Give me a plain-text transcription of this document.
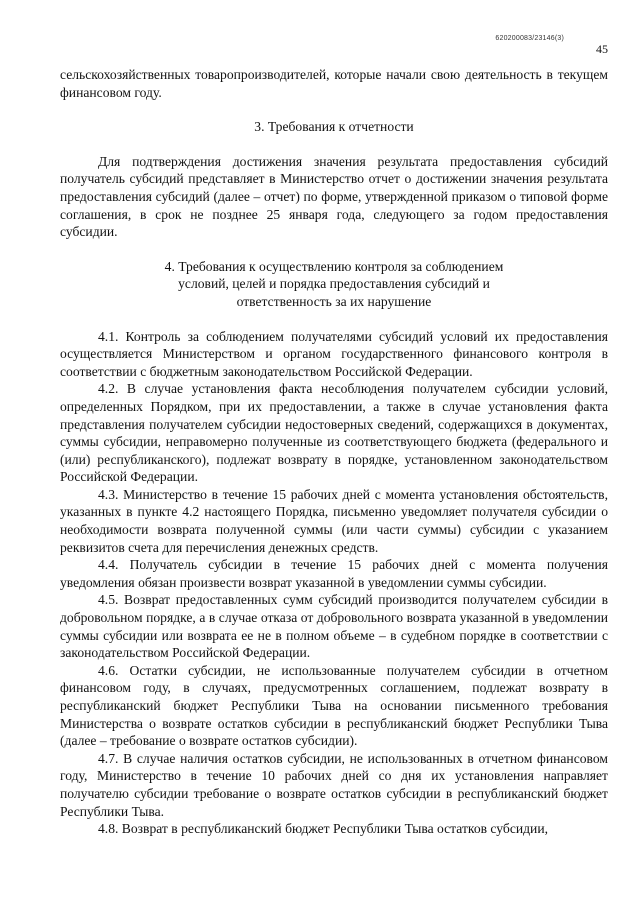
620200083/23146(3)
45

сельскохозяйственных товаропроизводителей, которые начали свою деятельность в текущем финансовом году.

3. Требования к отчетности

Для подтверждения достижения значения результата предоставления субсидий получатель субсидий представляет в Министерство отчет о достижении значения результата предоставления субсидий (далее – отчет) по форме, утвержденной приказом о типовой форме соглашения, в срок не позднее 25 января года, следующего за годом предоставления субсидии.

4. Требования к осуществлению контроля за соблюдением
условий, целей и порядка предоставления субсидий и
ответственность за их нарушение

4.1. Контроль за соблюдением получателями субсидий условий их предоставления осуществляется Министерством и органом государственного финансового контроля в соответствии с бюджетным законодательством Российской Федерации.

4.2. В случае установления факта несоблюдения получателем субсидии условий, определенных Порядком, при их предоставлении, а также в случае установления факта представления получателем субсидии недостоверных сведений, содержащихся в документах, суммы субсидии, неправомерно полученные из соответствующего бюджета (федерального и (или) республиканского), подлежат возврату в порядке, установленном законодательством Российской Федерации.

4.3. Министерство в течение 15 рабочих дней с момента установления обстоятельств, указанных в пункте 4.2 настоящего Порядка, письменно уведомляет получателя субсидии о необходимости возврата полученной суммы (или части суммы) субсидии с указанием реквизитов счета для перечисления денежных средств.

4.4. Получатель субсидии в течение 15 рабочих дней с момента получения уведомления обязан произвести возврат указанной в уведомлении суммы субсидии.

4.5. Возврат предоставленных сумм субсидий производится получателем субсидии в добровольном порядке, а в случае отказа от добровольного возврата указанной в уведомлении суммы субсидии или возврата ее не в полном объеме – в судебном порядке в соответствии с законодательством Российской Федерации.

4.6. Остатки субсидии, не использованные получателем субсидии в отчетном финансовом году, в случаях, предусмотренных соглашением, подлежат возврату в республиканский бюджет Республики Тыва на основании письменного требования Министерства о возврате остатков субсидии в республиканский бюджет Республики Тыва (далее – требование о возврате остатков субсидии).

4.7. В случае наличия остатков субсидии, не использованных в отчетном финансовом году, Министерство в течение 10 рабочих дней со дня их установления направляет получателю субсидии требование о возврате остатков субсидии в республиканский бюджет Республики Тыва.

4.8. Возврат в республиканский бюджет Республики Тыва остатков субсидии,
